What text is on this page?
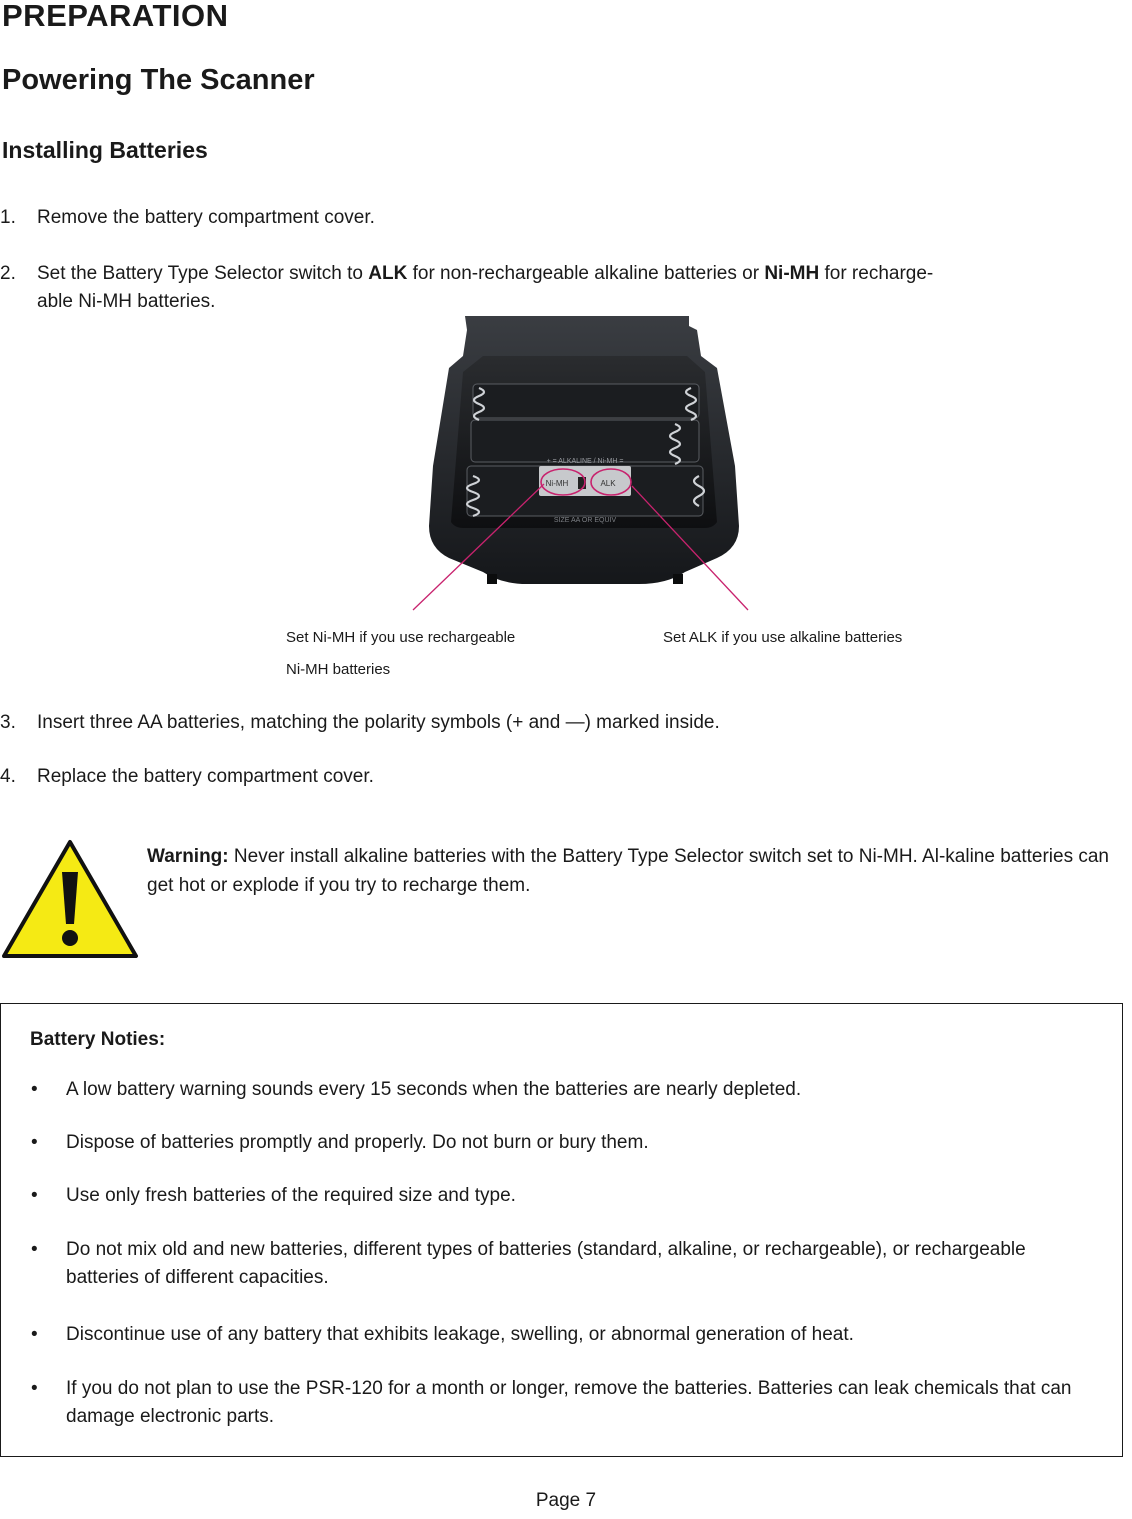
PREPARATION
Powering The Scanner
Installing Batteries
1.	Remove the battery compartment cover.
2.	Set the Battery Type Selector switch to ALK for non-rechargeable alkaline batteries or Ni-MH for recharge-
able Ni-MH batteries.
+ = ALKALINE / Ni-MH =
Ni-MH	ALK
SIZE AA OR EQUIV
Set Ni-MH if you use rechargeable
Ni-MH batteries
Set ALK if you use alkaline batteries
3.	Insert three AA batteries, matching the polarity symbols (+ and —) marked inside.
4.	Replace the battery compartment cover.
Warning: Never install alkaline batteries with the Battery Type Selector switch set to Ni-MH. Al-kaline batteries can get hot or explode if you try to recharge them.
Battery Noties:
• A low battery warning sounds every 15 seconds when the batteries are nearly depleted.
• Dispose of batteries promptly and properly. Do not burn or bury them.
• Use only fresh batteries of the required size and type.
• Do not mix old and new batteries, different types of batteries (standard, alkaline, or rechargeable), or rechargeable batteries of different capacities.
• Discontinue use of any battery that exhibits leakage, swelling, or abnormal generation of heat.
• If you do not plan to use the PSR-120 for a month or longer, remove the batteries. Batteries can leak chemicals that can damage electronic parts.
Page 7
